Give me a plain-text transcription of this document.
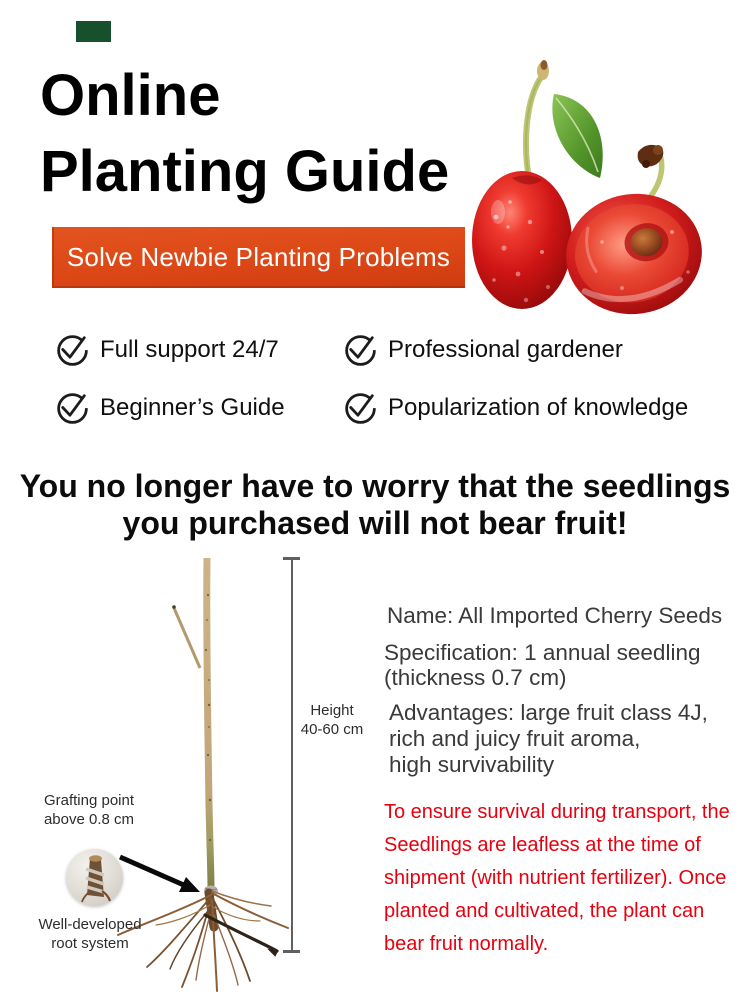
Online
Planting Guide
Solve Newbie Planting Problems
Full support 24/7	Professional gardener
Beginner’s Guide	Popularization of knowledge
You no longer have to worry that the seedlings
you purchased will not bear fruit!
Height
40-60 cm
Grafting point
above 0.8 cm
Well-developed
root system
Name: All Imported Cherry Seeds
Specification: 1 annual seedling
(thickness 0.7 cm)
Advantages: large fruit class 4J,
rich and juicy fruit aroma,
high survivability
To ensure survival during transport, the
Seedlings are leafless at the time of
shipment (with nutrient fertilizer). Once
planted and cultivated, the plant can
bear fruit normally.
